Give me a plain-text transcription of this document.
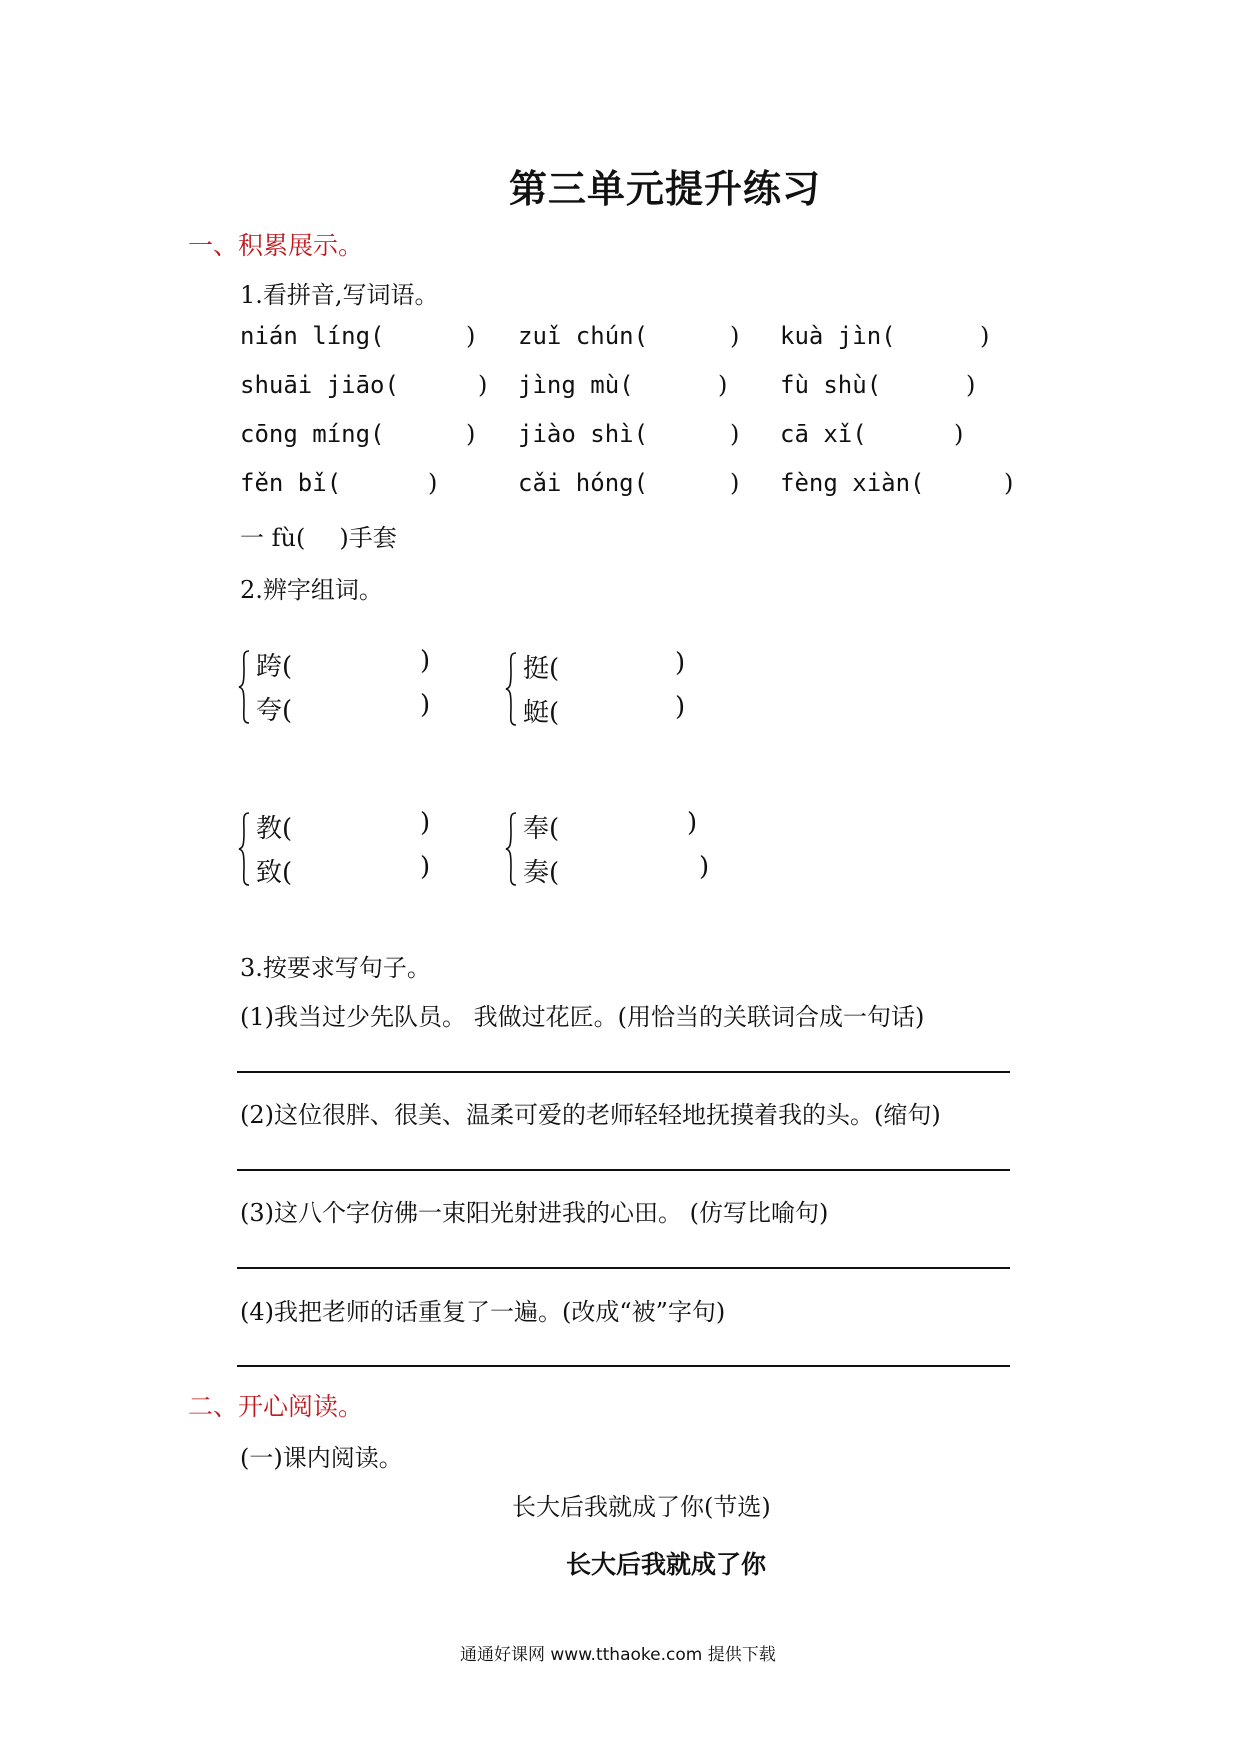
第三单元提升练习
一、积累展示。
1.看拼音,写词语。
nián líng(	) zuǐ chún(	) kuà jìn(	)
shuāi jiāo(	) jìng mù(	) fù shù(	)
cōng míng(	) jiào shì(	) cā xǐ(	)
fěn bǐ(	)	cǎi hóng(	) fèng xiàn(	)
一 fù( )手套
2.辨字组词。
跨(	)
夸(	)
挺(	)
蜓(	)
教(	)
致(	)
奉(	)
奏(	)
3.按要求写句子。
(1)我当过少先队员。 我做过花匠。(用恰当的关联词合成一句话)
(2)这位很胖、很美、温柔可爱的老师轻轻地抚摸着我的头。(缩句)
(3)这八个字仿佛一束阳光射进我的心田。 (仿写比喻句)
(4)我把老师的话重复了一遍。(改成“被”字句)
二、开心阅读。
(一)课内阅读。
长大后我就成了你(节选)
长大后我就成了你
通通好课网 www.tthaoke.com 提供下载
